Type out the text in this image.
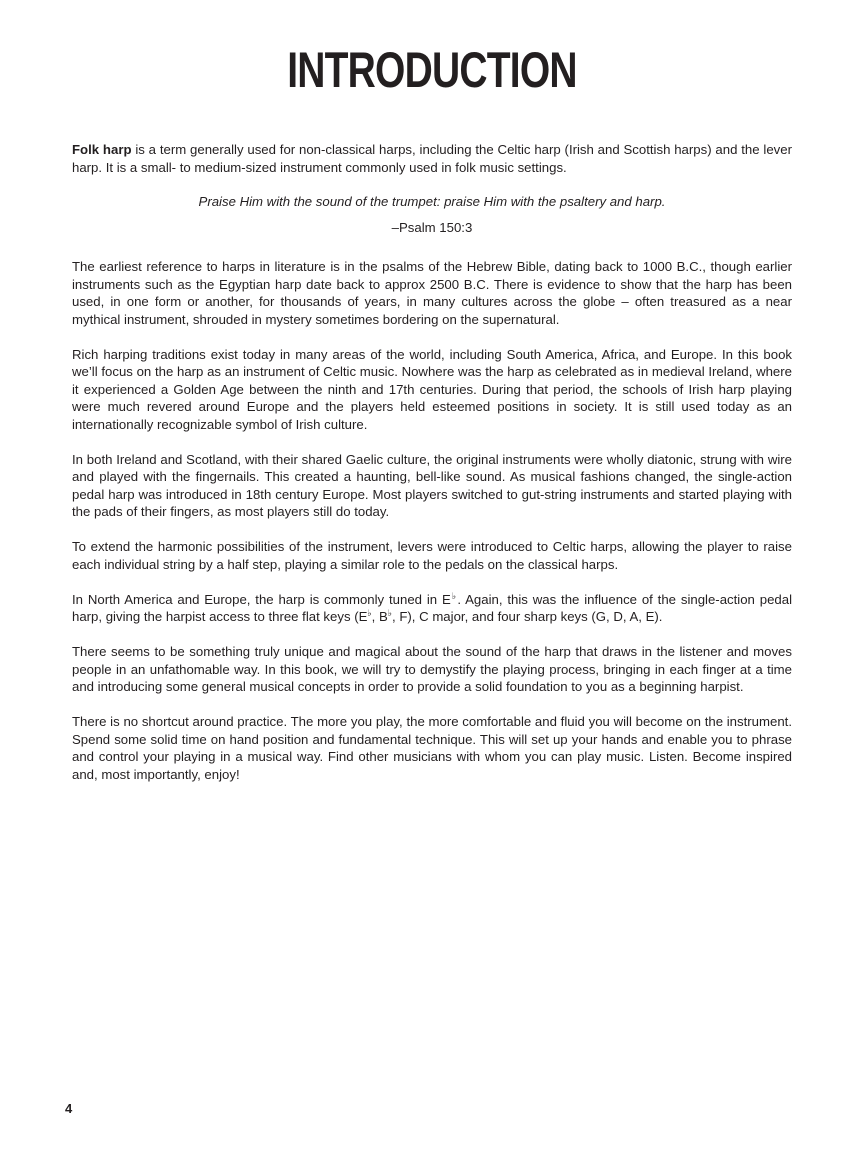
INTRODUCTION

Folk harp is a term generally used for non-classical harps, including the Celtic harp (Irish and Scottish harps) and the lever harp. It is a small- to medium-sized instrument commonly used in folk music settings.

Praise Him with the sound of the trumpet: praise Him with the psaltery and harp.

–Psalm 150:3

The earliest reference to harps in literature is in the psalms of the Hebrew Bible, dating back to 1000 B.C., though earlier instruments such as the Egyptian harp date back to approx 2500 B.C. There is evidence to show that the harp has been used, in one form or another, for thousands of years, in many cultures across the globe – often treasured as a near mythical instrument, shrouded in mystery sometimes bordering on the supernatural.

Rich harping traditions exist today in many areas of the world, including South America, Africa, and Europe. In this book we’ll focus on the harp as an instrument of Celtic music. Nowhere was the harp as celebrated as in medieval Ireland, where it experienced a Golden Age between the ninth and 17th centuries. During that period, the schools of Irish harp playing were much revered around Europe and the players held esteemed positions in society. It is still used today as an internationally recognizable symbol of Irish culture.

In both Ireland and Scotland, with their shared Gaelic culture, the original instruments were wholly diatonic, strung with wire and played with the fingernails. This created a haunting, bell-like sound. As musical fashions changed, the single-action pedal harp was introduced in 18th century Europe. Most players switched to gut-string instruments and started playing with the pads of their fingers, as most players still do today.

To extend the harmonic possibilities of the instrument, levers were introduced to Celtic harps, allowing the player to raise each individual string by a half step, playing a similar role to the pedals on the classical harps.

In North America and Europe, the harp is commonly tuned in E♭. Again, this was the influence of the single-action pedal harp, giving the harpist access to three flat keys (E♭, B♭, F), C major, and four sharp keys (G, D, A, E).

There seems to be something truly unique and magical about the sound of the harp that draws in the listener and moves people in an unfathomable way. In this book, we will try to demystify the playing process, bringing in each finger at a time and introducing some general musical concepts in order to provide a solid foundation to you as a beginning harpist.

There is no shortcut around practice. The more you play, the more comfortable and fluid you will become on the instrument. Spend some solid time on hand position and fundamental technique. This will set up your hands and enable you to phrase and control your playing in a musical way. Find other musicians with whom you can play music. Listen. Become inspired and, most importantly, enjoy!

4
